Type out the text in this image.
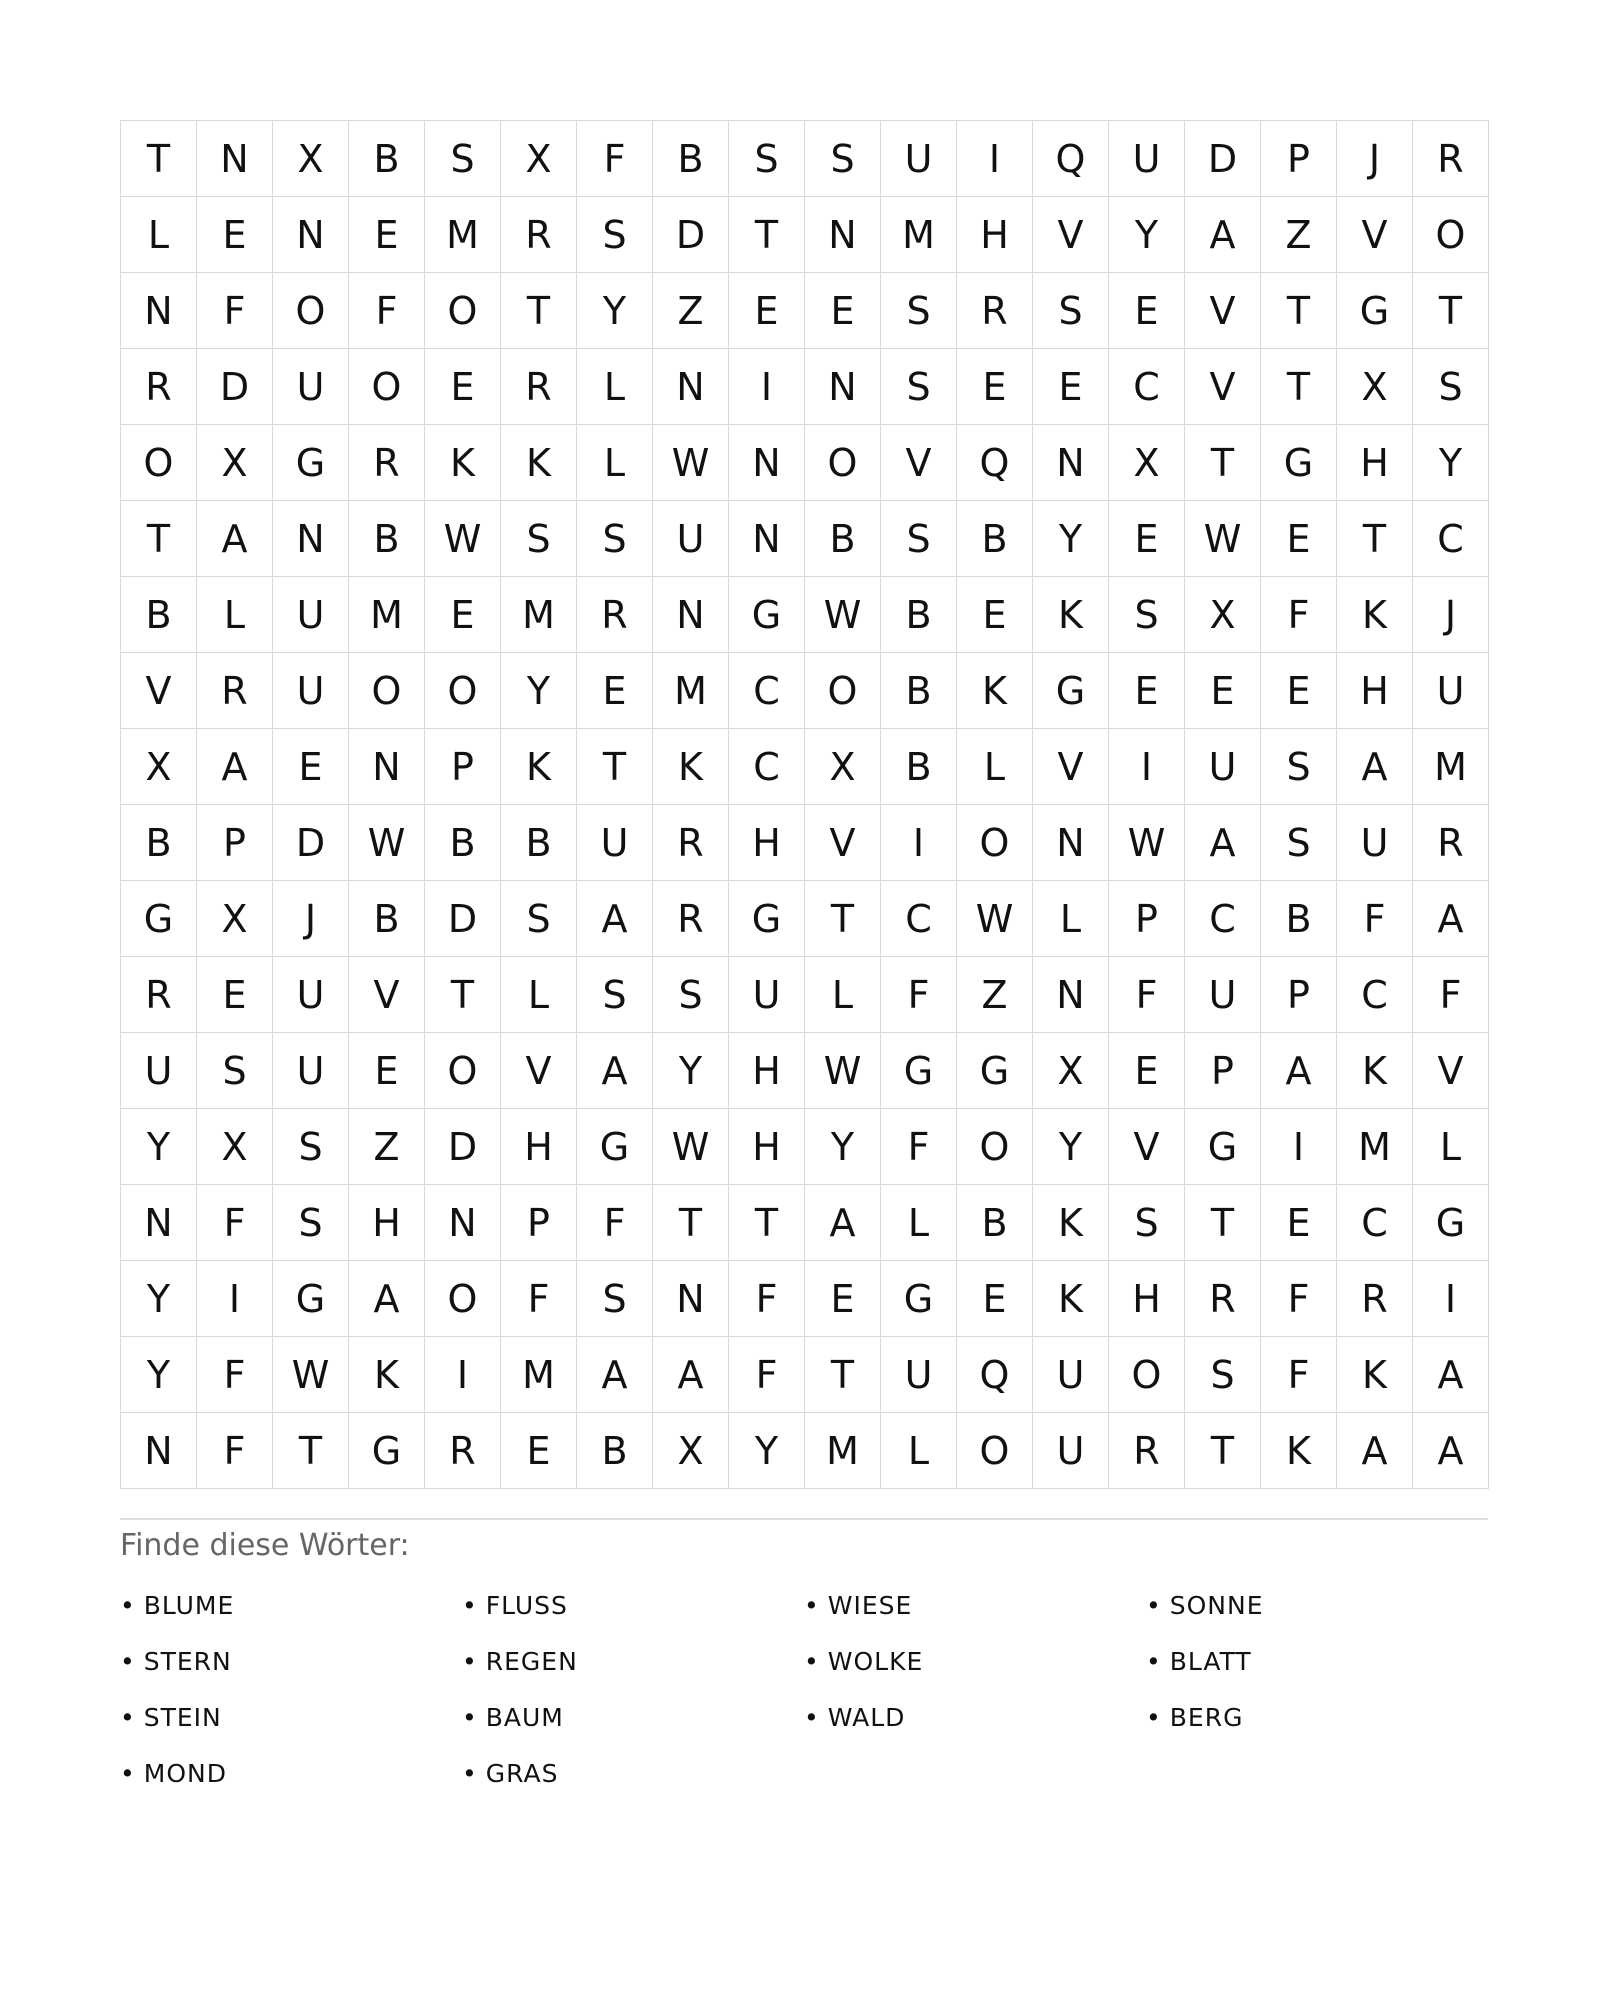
T	N	X	B	S	X	F	B	S	S	U	I	Q	U	D	P	J	R
L	E	N	E	M	R	S	D	T	N	M	H	V	Y	A	Z	V	O
N	F	O	F	O	T	Y	Z	E	E	S	R	S	E	V	T	G	T
R	D	U	O	E	R	L	N	I	N	S	E	E	C	V	T	X	S
O	X	G	R	K	K	L	W	N	O	V	Q	N	X	T	G	H	Y
T	A	N	B	W	S	S	U	N	B	S	B	Y	E	W	E	T	C
B	L	U	M	E	M	R	N	G	W	B	E	K	S	X	F	K	J
V	R	U	O	O	Y	E	M	C	O	B	K	G	E	E	E	H	U
X	A	E	N	P	K	T	K	C	X	B	L	V	I	U	S	A	M
B	P	D	W	B	B	U	R	H	V	I	O	N	W	A	S	U	R
G	X	J	B	D	S	A	R	G	T	C	W	L	P	C	B	F	A
R	E	U	V	T	L	S	S	U	L	F	Z	N	F	U	P	C	F
U	S	U	E	O	V	A	Y	H	W	G	G	X	E	P	A	K	V
Y	X	S	Z	D	H	G	W	H	Y	F	O	Y	V	G	I	M	L
N	F	S	H	N	P	F	T	T	A	L	B	K	S	T	E	C	G
Y	I	G	A	O	F	S	N	F	E	G	E	K	H	R	F	R	I
Y	F	W	K	I	M	A	A	F	T	U	Q	U	O	S	F	K	A
N	F	T	G	R	E	B	X	Y	M	L	O	U	R	T	K	A	A
Finde diese Wörter:
• BLUME	• FLUSS	• WIESE	• SONNE
• STERN	• REGEN	• WOLKE	• BLATT
• STEIN	• BAUM	• WALD	• BERG
• MOND	• GRAS
